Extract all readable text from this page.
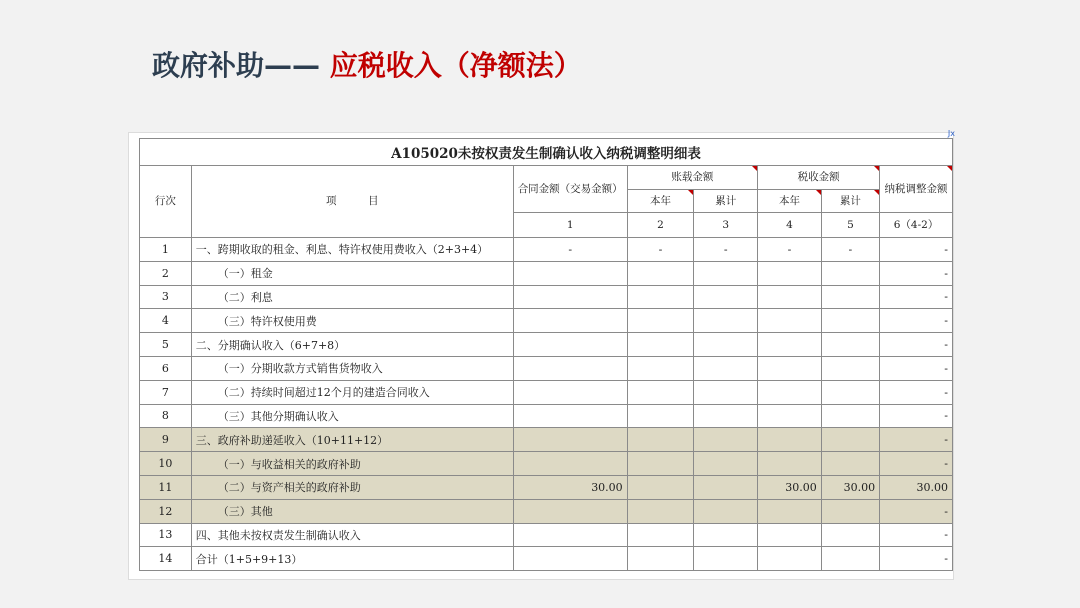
政府补助—— 应税收入（净额法）
Jx
A105020未按权责发生制确认收入纳税调整明细表							
行次	项　　　目	合同金额（交易金额）	账载金额		税收金额		纳税调整金额

			本年	累计	本年	累计	

		1	2	3	4	5	6（4-2）
1	一、跨期收取的租金、利息、特许权使用费收入（2+3+4）	-	-	-	-	-	-
2	（一）租金						-
3	（二）利息						-
4	（三）特许权使用费						-
5	二、分期确认收入（6+7+8）						-
6	（一）分期收款方式销售货物收入						-
7	（二）持续时间超过12个月的建造合同收入						-
8	（三）其他分期确认收入						-
9	三、政府补助递延收入（10+11+12）						-
10	（一）与收益相关的政府补助						-
11	（二）与资产相关的政府补助	30.00			30.00	30.00	30.00
12	（三）其他						-
13	四、其他未按权责发生制确认收入						-
14	合计（1+5+9+13）						-
